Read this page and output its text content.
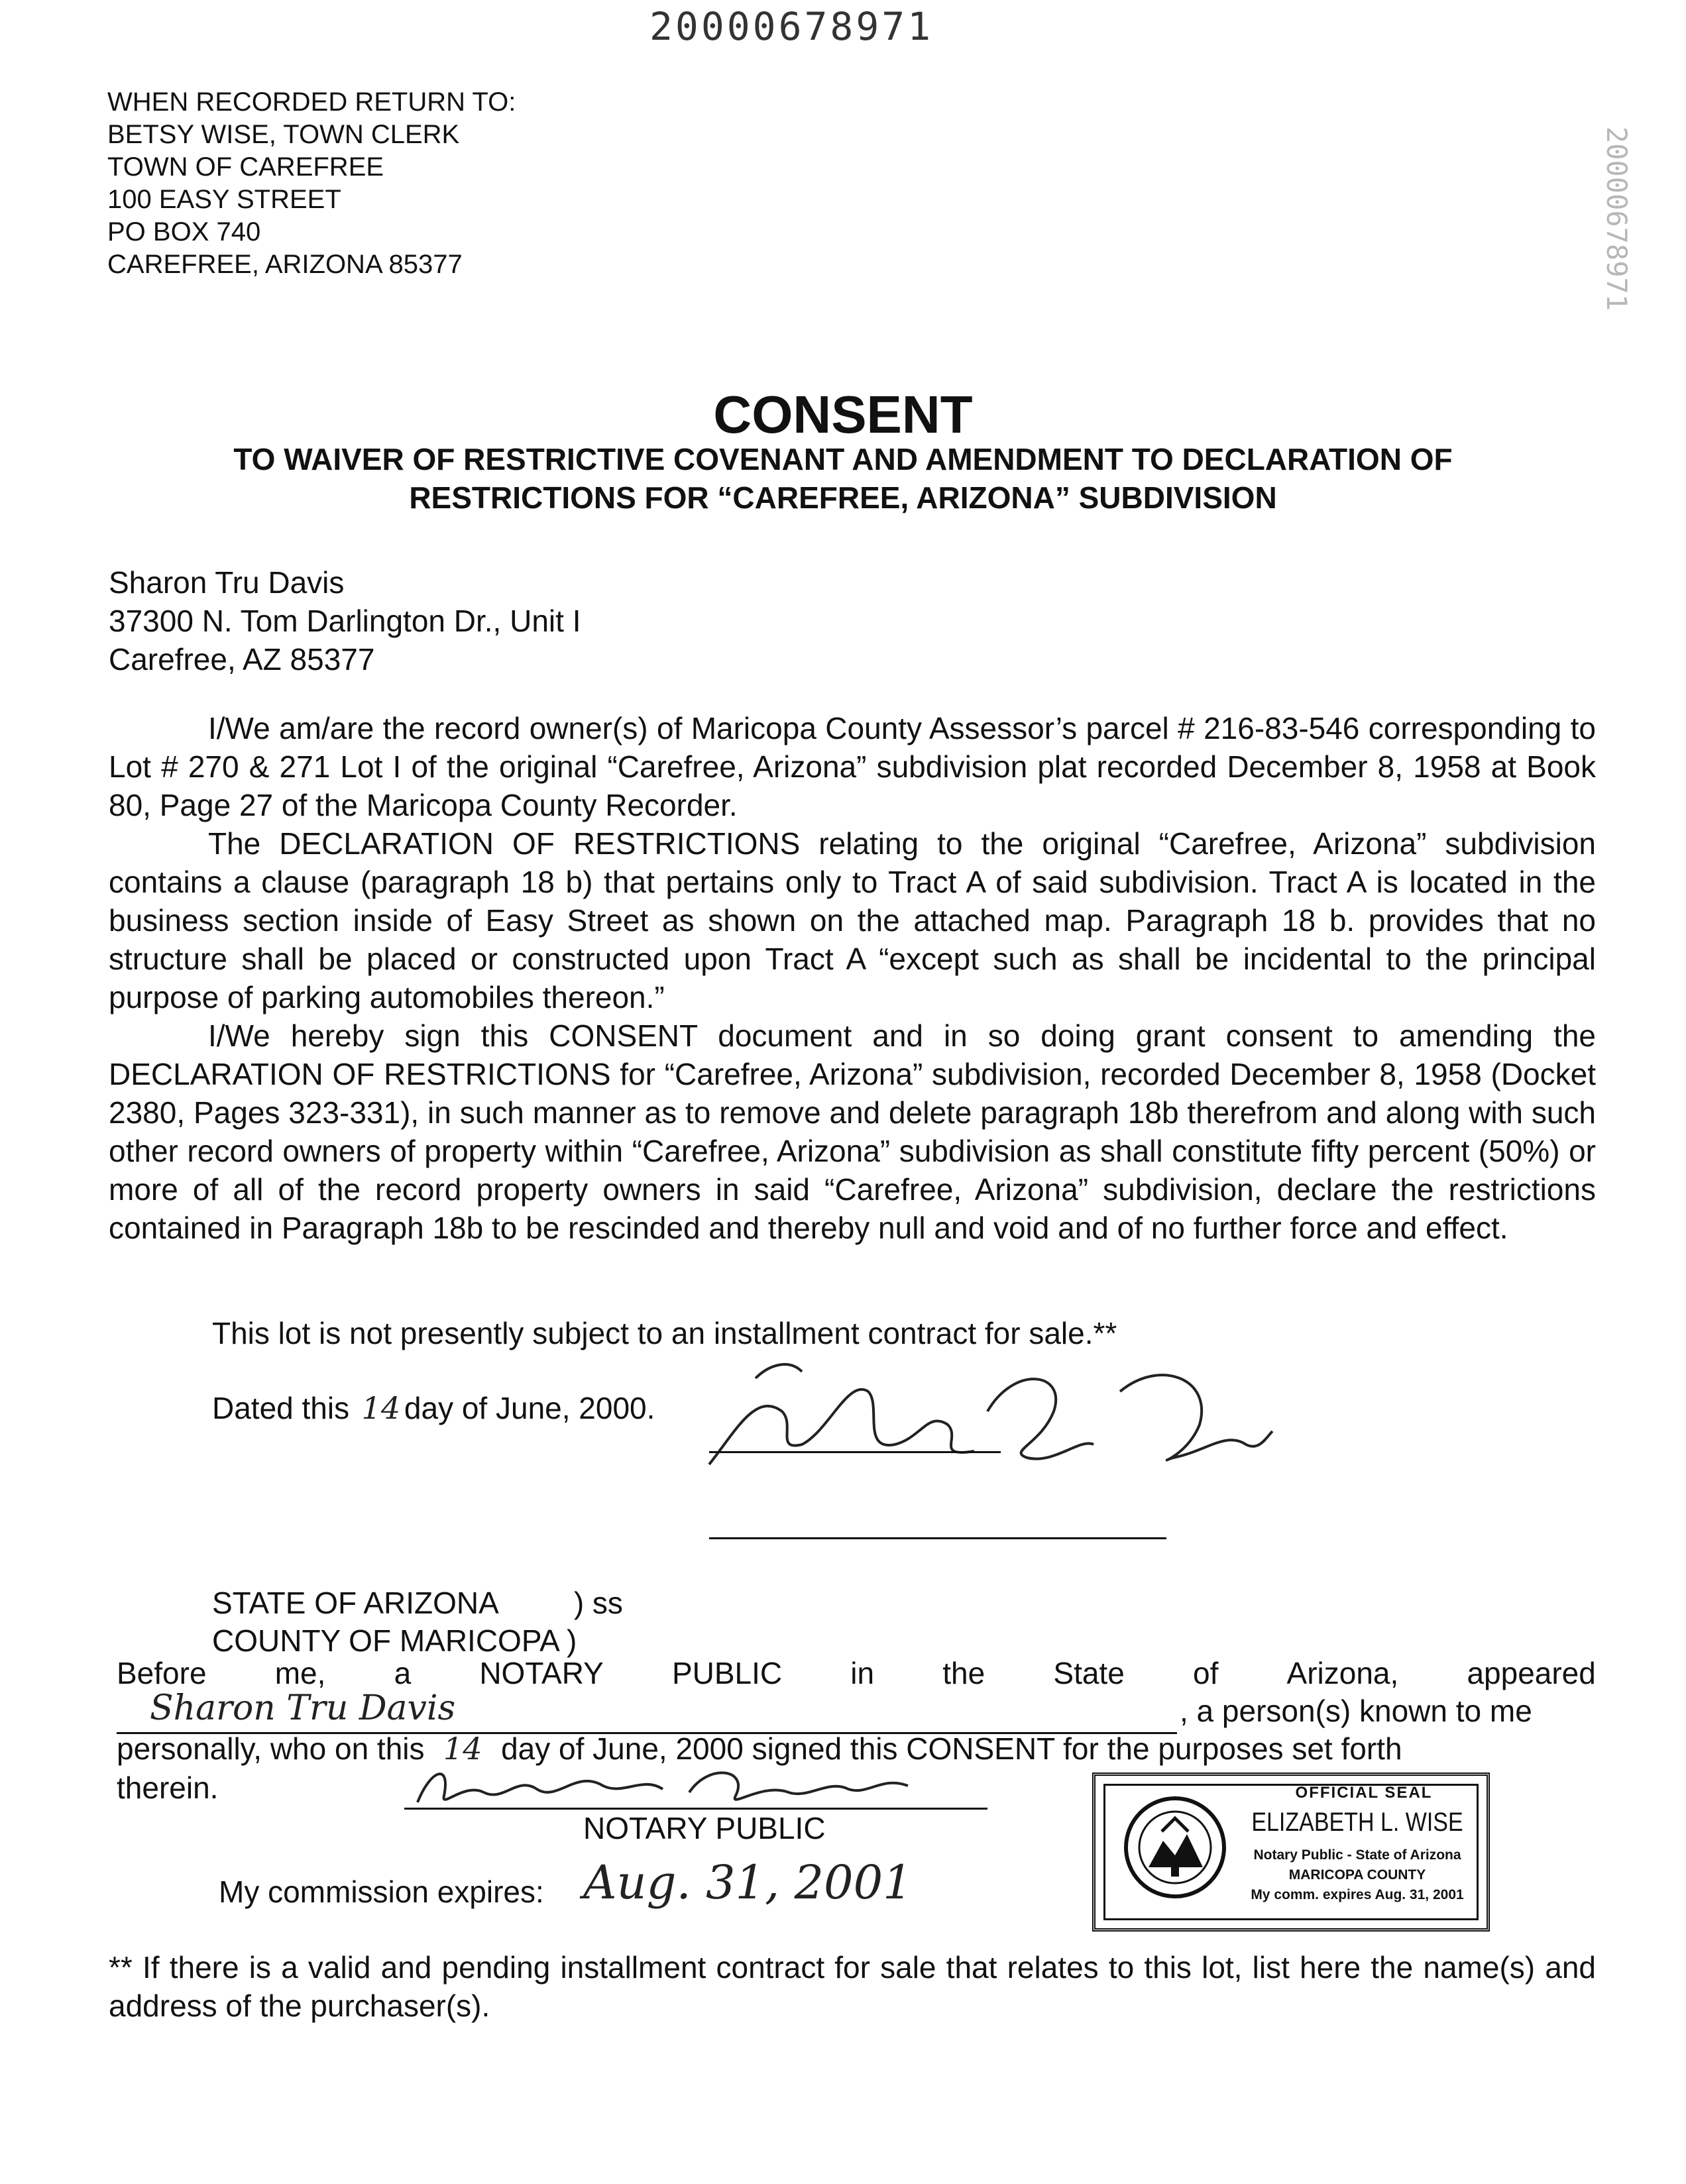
20000678971
20000678971
WHEN RECORDED RETURN TO:
BETSY WISE, TOWN CLERK
TOWN OF CAREFREE
100 EASY STREET
PO BOX 740
CAREFREE, ARIZONA 85377
CONSENT
TO WAIVER OF RESTRICTIVE COVENANT AND AMENDMENT TO DECLARATION OF
RESTRICTIONS FOR “CAREFREE, ARIZONA” SUBDIVISION
Sharon Tru Davis
37300 N. Tom Darlington Dr., Unit I
Carefree, AZ 85377

I/We am/are the record owner(s) of Maricopa County Assessor’s parcel # 216-83-546 corresponding to Lot # 270 & 271 Lot I of the original “Carefree, Arizona” subdivision plat recorded December 8, 1958 at Book 80, Page 27 of the Maricopa County Recorder.

The DECLARATION OF RESTRICTIONS relating to the original “Carefree, Arizona” subdivision contains a clause (paragraph 18 b) that pertains only to Tract A of said subdivision. Tract A is located in the business section inside of Easy Street as shown on the attached map. Paragraph 18 b. provides that no structure shall be placed or constructed upon Tract A “except such as shall be incidental to the principal purpose of parking automobiles thereon.”

I/We hereby sign this CONSENT document and in so doing grant consent to amending the DECLARATION OF RESTRICTIONS for “Carefree, Arizona” subdivision, recorded December 8, 1958 (Docket 2380, Pages 323-331), in such manner as to remove and delete paragraph 18b therefrom and along with such other record owners of property within “Carefree, Arizona” subdivision as shall constitute fifty percent (50%) or more of all of the record property owners in said “Carefree, Arizona” subdivision, declare the restrictions contained in Paragraph 18b to be rescinded and thereby null and void and of no further force and effect.

This lot is not presently subject to an installment contract for sale.**
Dated this 14 day of June, 2000.
STATE OF ARIZONA	) ss
COUNTY OF MARICOPA )
Before me, a NOTARY PUBLIC in the State of Arizona, appeared
Sharon Tru Davis	, a person(s) known to me
personally, who on this 14 day of June, 2000 signed this CONSENT for the purposes set forth
therein.
NOTARY PUBLIC
My commission expires: Aug. 31, 2001
OFFICIAL SEAL
ELIZABETH L. WISE
Notary Public - State of Arizona
MARICOPA COUNTY
My comm. expires Aug. 31, 2001
** If there is a valid and pending installment contract for sale that relates to this lot, list here the name(s) and address of the purchaser(s).
